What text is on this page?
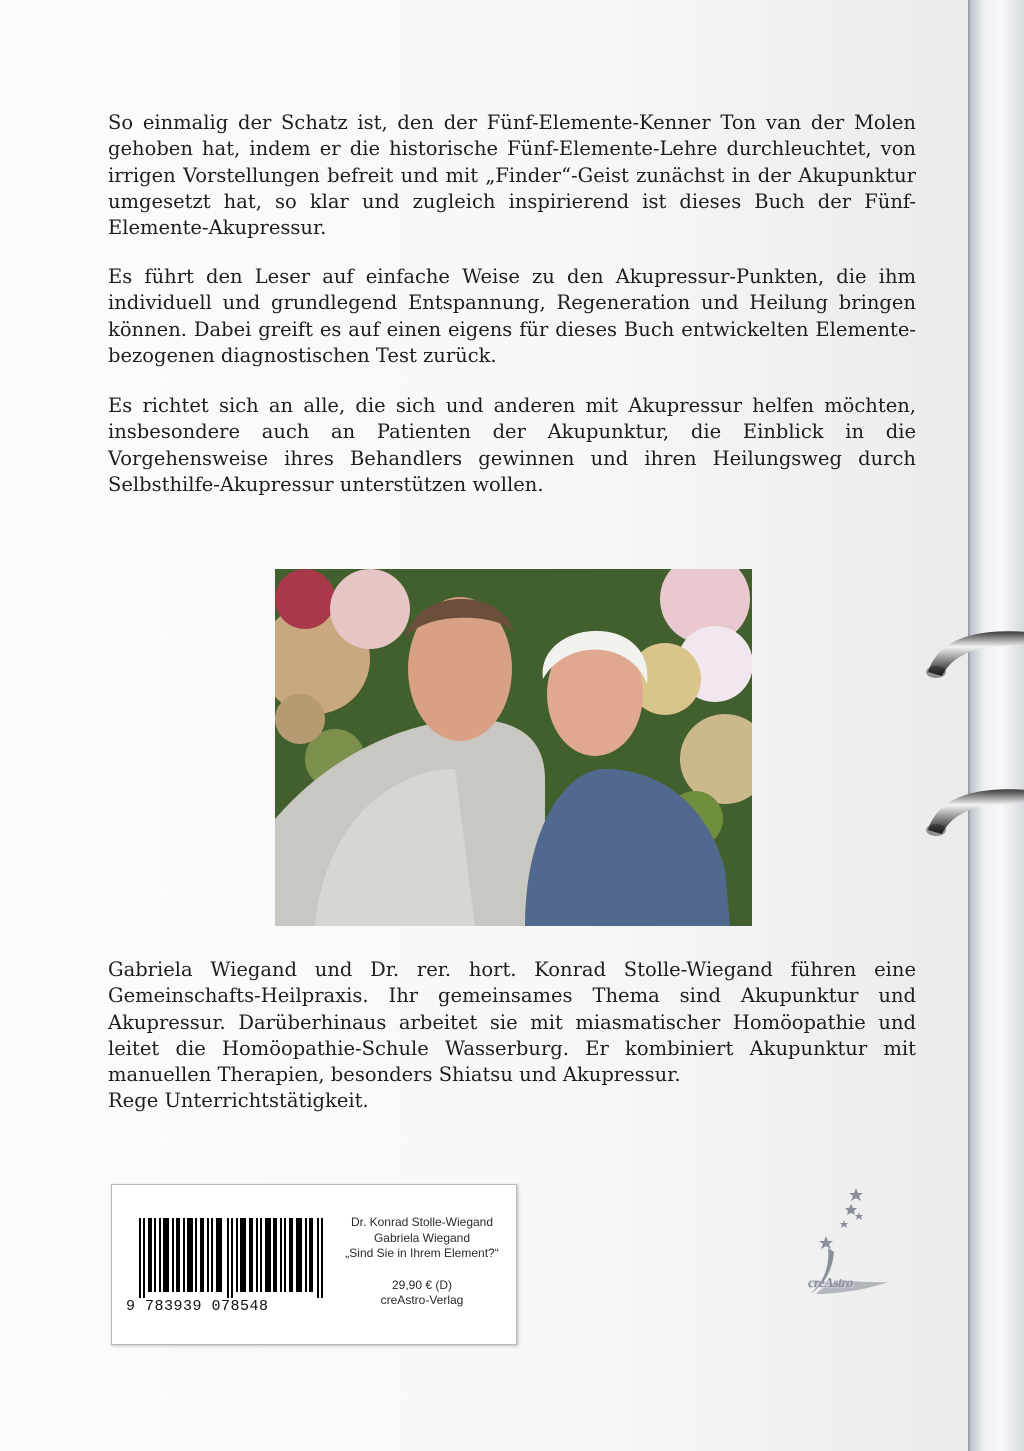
So einmalig der Schatz ist, den der Fünf-Elemente-Kenner Ton van der Molen gehoben hat, indem er die historische Fünf-Elemente-Lehre durchleuchtet, von irrigen Vorstellungen befreit und mit „Finder“-Geist zunächst in der Akupunktur umgesetzt hat, so klar und zugleich inspirierend ist dieses Buch der Fünf-Elemente-Akupressur.

Es führt den Leser auf einfache Weise zu den Akupressur-Punkten, die ihm individuell und grundlegend Entspannung, Regeneration und Heilung bringen können. Dabei greift es auf einen eigens für dieses Buch entwickelten Elemente-bezogenen diagnostischen Test zurück.

Es richtet sich an alle, die sich und anderen mit Akupressur helfen möchten, insbesondere auch an Patienten der Akupunktur, die Einblick in die Vorgehensweise ihres Behandlers gewinnen und ihren Heilungsweg durch Selbsthilfe-Akupressur unterstützen wollen.

Gabriela Wiegand und Dr. rer. hort. Konrad Stolle-Wiegand führen eine Gemeinschafts-Heilpraxis. Ihr gemeinsames Thema sind Akupunktur und Akupressur. Darüberhinaus arbeitet sie mit miasmatischer Homöopathie und leitet die Homöopathie-Schule Wasserburg. Er kombiniert Akupunktur mit manuellen Therapien, besonders Shiatsu und Akupressur.
Rege Unterrichtstätigkeit.

9 783939 078548
Dr. Konrad Stolle-Wiegand
Gabriela Wiegand
„Sind Sie in Ihrem Element?“
29,90 € (D)
creAstro-Verlag
creAstro
